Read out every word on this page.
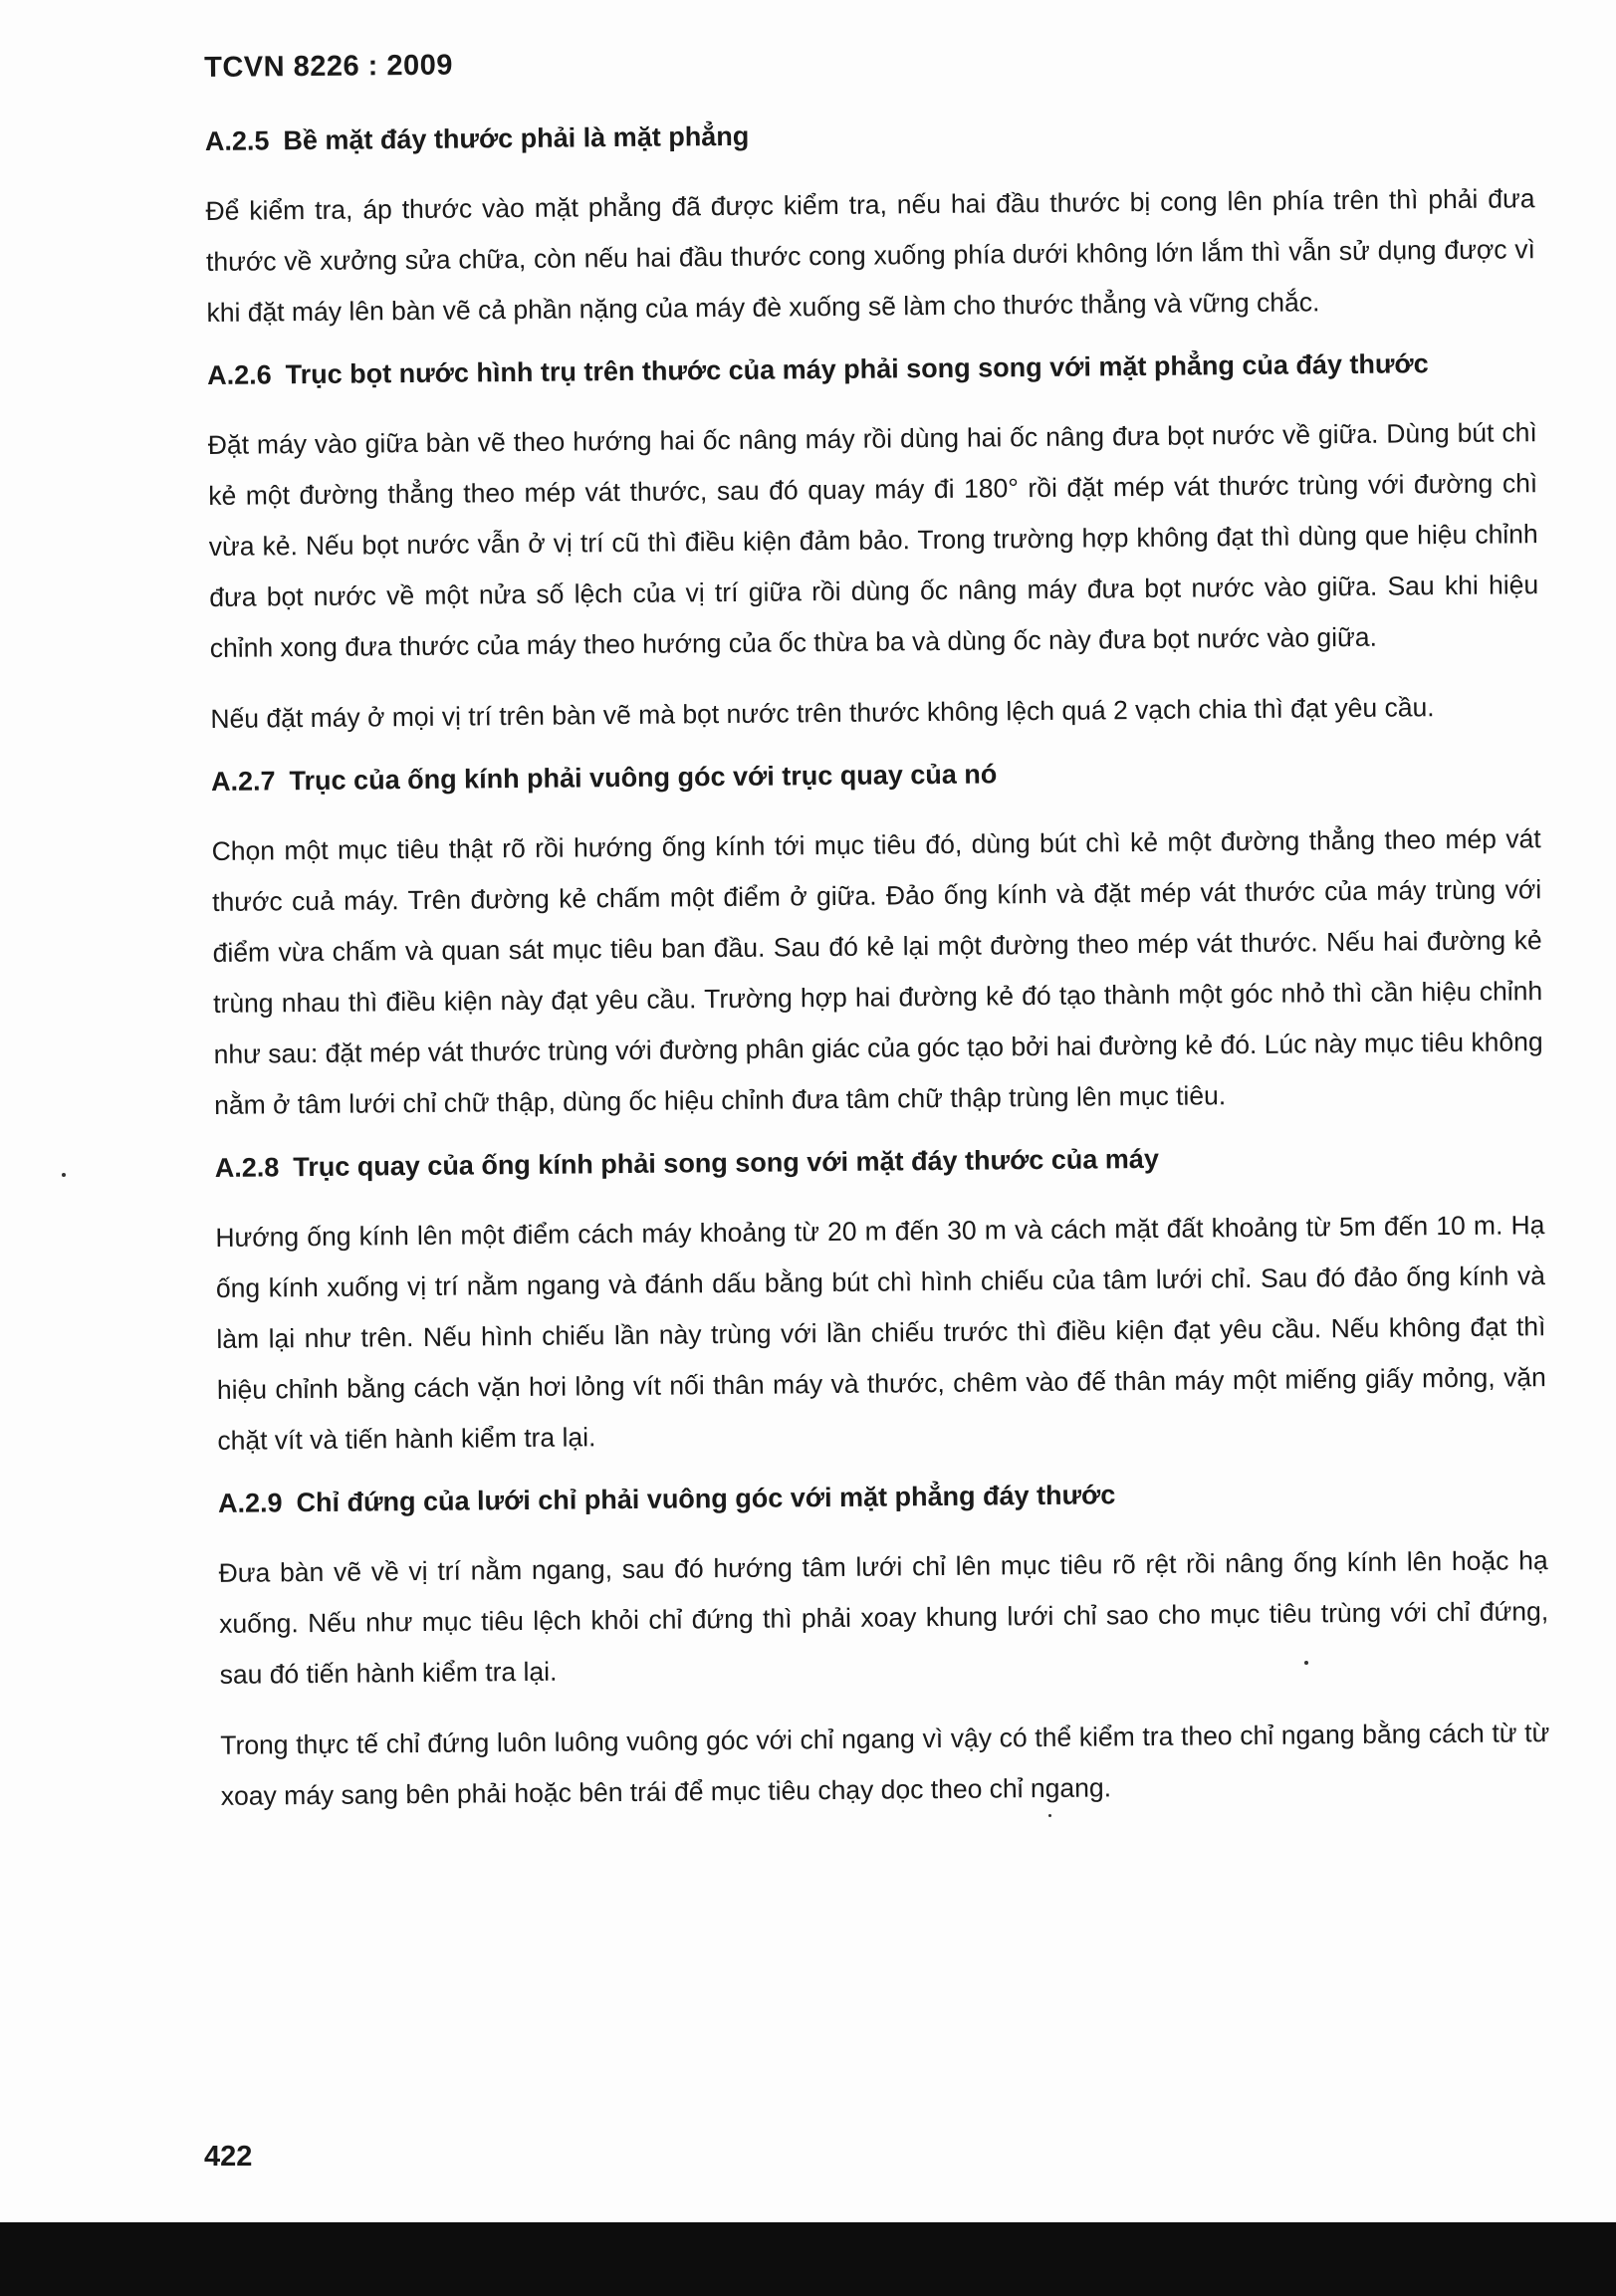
TCVN 8226 : 2009
A.2.5 Bề mặt đáy thước phải là mặt phẳng

Để kiểm tra, áp thước vào mặt phẳng đã được kiểm tra, nếu hai đầu thước bị cong lên phía trên thì phải đưa thước về xưởng sửa chữa, còn nếu hai đầu thước cong xuống phía dưới không lớn lắm thì vẫn sử dụng được vì khi đặt máy lên bàn vẽ cả phần nặng của máy đè xuống sẽ làm cho thước thẳng và vững chắc.

A.2.6 Trục bọt nước hình trụ trên thước của máy phải song song với mặt phẳng của đáy thước

Đặt máy vào giữa bàn vẽ theo hướng hai ốc nâng máy rồi dùng hai ốc nâng đưa bọt nước về giữa. Dùng bút chì kẻ một đường thẳng theo mép vát thước, sau đó quay máy đi 180° rồi đặt mép vát thước trùng với đường chì vừa kẻ. Nếu bọt nước vẫn ở vị trí cũ thì điều kiện đảm bảo. Trong trường hợp không đạt thì dùng que hiệu chỉnh đưa bọt nước về một nửa số lệch của vị trí giữa rồi dùng ốc nâng máy đưa bọt nước vào giữa. Sau khi hiệu chỉnh xong đưa thước của máy theo hướng của ốc thừa ba và dùng ốc này đưa bọt nước vào giữa.

Nếu đặt máy ở mọi vị trí trên bàn vẽ mà bọt nước trên thước không lệch quá 2 vạch chia thì đạt yêu cầu.

A.2.7 Trục của ống kính phải vuông góc với trục quay của nó

Chọn một mục tiêu thật rõ rồi hướng ống kính tới mục tiêu đó, dùng bút chì kẻ một đường thẳng theo mép vát thước cuả máy. Trên đường kẻ chấm một điểm ở giữa. Đảo ống kính và đặt mép vát thước của máy trùng với điểm vừa chấm và quan sát mục tiêu ban đầu. Sau đó kẻ lại một đường theo mép vát thước. Nếu hai đường kẻ trùng nhau thì điều kiện này đạt yêu cầu. Trường hợp hai đường kẻ đó tạo thành một góc nhỏ thì cần hiệu chỉnh như sau: đặt mép vát thước trùng với đường phân giác của góc tạo bởi hai đường kẻ đó. Lúc này mục tiêu không nằm ở tâm lưới chỉ chữ thập, dùng ốc hiệu chỉnh đưa tâm chữ thập trùng lên mục tiêu.

A.2.8 Trục quay của ống kính phải song song với mặt đáy thước của máy

Hướng ống kính lên một điểm cách máy khoảng từ 20 m đến 30 m và cách mặt đất khoảng từ 5m đến 10 m. Hạ ống kính xuống vị trí nằm ngang và đánh dấu bằng bút chì hình chiếu của tâm lưới chỉ. Sau đó đảo ống kính và làm lại như trên. Nếu hình chiếu lần này trùng với lần chiếu trước thì điều kiện đạt yêu cầu. Nếu không đạt thì hiệu chỉnh bằng cách vặn hơi lỏng vít nối thân máy và thước, chêm vào đế thân máy một miếng giấy mỏng, vặn chặt vít và tiến hành kiểm tra lại.

A.2.9 Chỉ đứng của lưới chỉ phải vuông góc với mặt phẳng đáy thước

Đưa bàn vẽ về vị trí nằm ngang, sau đó hướng tâm lưới chỉ lên mục tiêu rõ rệt rồi nâng ống kính lên hoặc hạ xuống. Nếu như mục tiêu lệch khỏi chỉ đứng thì phải xoay khung lưới chỉ sao cho mục tiêu trùng với chỉ đứng, sau đó tiến hành kiểm tra lại.

Trong thực tế chỉ đứng luôn luông vuông góc với chỉ ngang vì vậy có thể kiểm tra theo chỉ ngang bằng cách từ từ xoay máy sang bên phải hoặc bên trái để mục tiêu chạy dọc theo chỉ ngang.

422
